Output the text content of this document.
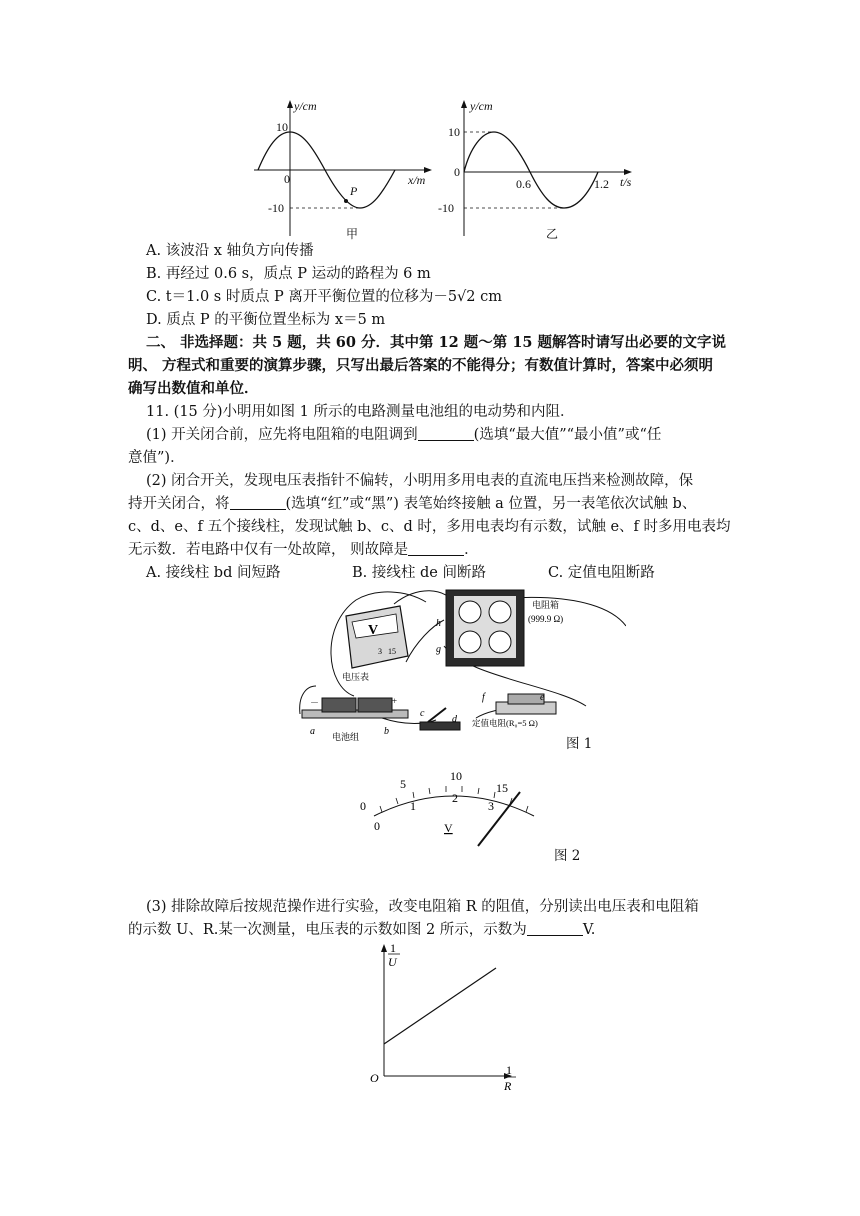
y/cm
x/m
10
0
-10
P
甲
y/cm
t/s
10
0
-10
0.6	1.2
乙
A. 该波沿 x 轴负方向传播
B. 再经过 0.6 s，质点 P 运动的路程为 6 m
C. t＝1.0 s 时质点 P 离开平衡位置的位移为－5√2 cm
D. 质点 P 的平衡位置坐标为 x＝5 m
二、 非选择题：共 5 题，共 60 分．其中第 12 题～第 15 题解答时请写出必要的文字说
明、 方程式和重要的演算步骤，只写出最后答案的不能得分；有数值计算时，答案中必须明
确写出数值和单位．
11. (15 分)小明用如图 1 所示的电路测量电池组的电动势和内阻．
(1) 开关闭合前，应先将电阻箱的电阻调到	(选填“最大值”“最小值”或“任
意值”)．
(2) 闭合开关，发现电压表指针不偏转，小明用多用电表的直流电压挡来检测故障，保
持开关闭合，将	(选填“红”或“黑”) 表笔始终接触 a 位置，另一表笔依次试触 b、
c、d、e、f 五个接线柱，发现试触 b、c、d 时，多用电表均有示数，试触 e、f 时多用电表均
无示数．若电路中仅有一处故障， 则故障是	．
A. 接线柱 bd 间短路	B. 接线柱 de 间断路	C. 定值电阻断路
V
3 15
电压表
电阻箱
(999.9 Ω)
h
g
－	+
a	b
电池组
c
d
f	e
定值电阻(R₀=5 Ω)
图 1
0
5
10
15
0
1
2
3
V
图 2
(3) 排除故障后按规范操作进行实验，改变电阻箱 R 的阻值，分别读出电压表和电阻箱
的示数 U、R.某一次测量，电压表的示数如图 2 所示，示数为	V.
1
U
O
1
R
